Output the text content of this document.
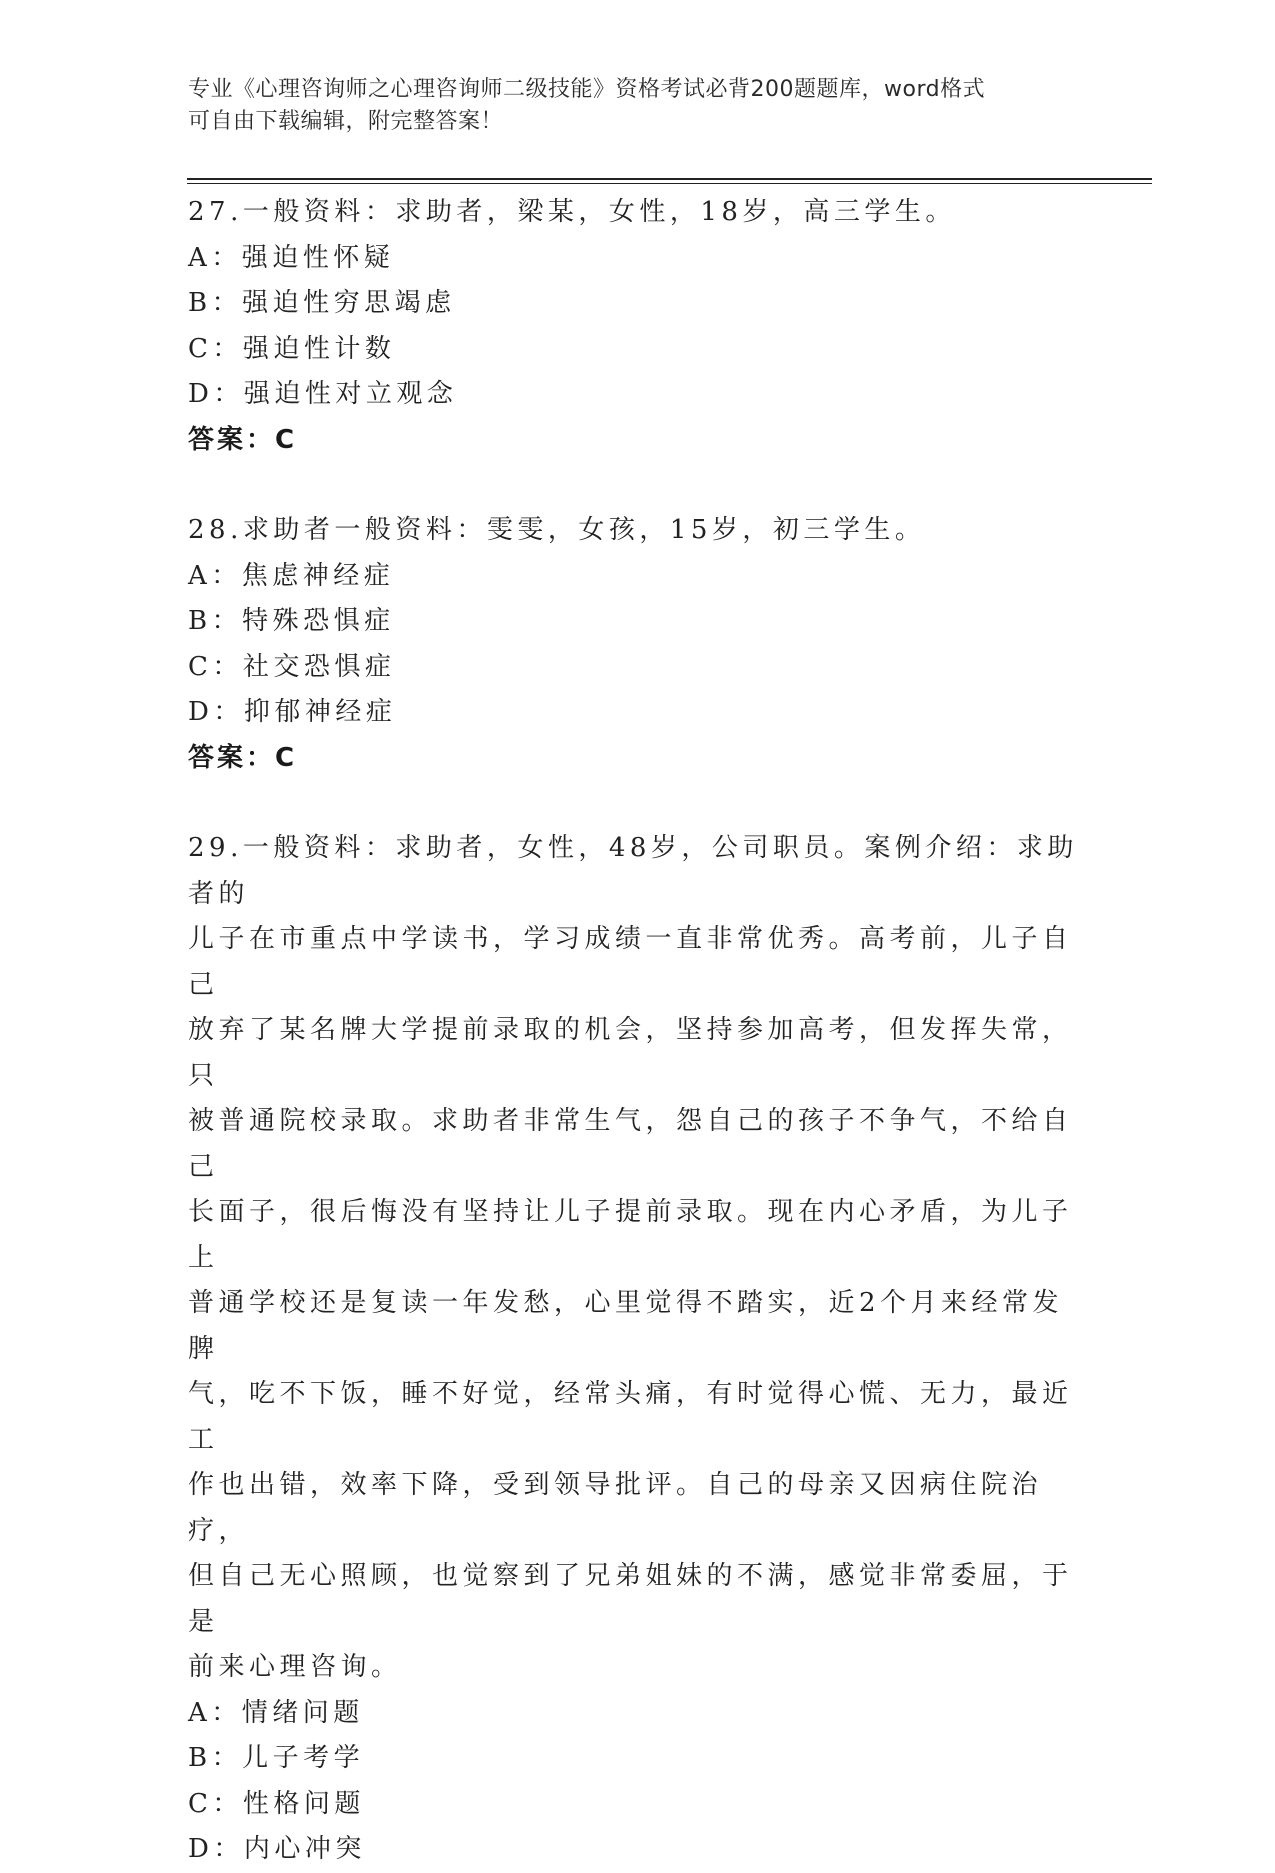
专业《心理咨询师之心理咨询师二级技能》资格考试必背200题题库，word格式
可自由下载编辑，附完整答案！

27.一般资料：求助者，梁某，女性，18岁，高三学生。

A：强迫性怀疑

B：强迫性穷思竭虑

C：强迫性计数

D：强迫性对立观念

答案：C

28.求助者一般资料：雯雯，女孩，15岁，初三学生。

A：焦虑神经症

B：特殊恐惧症

C：社交恐惧症

D：抑郁神经症

答案：C

29.一般资料：求助者，女性，48岁，公司职员。案例介绍：求助者的

儿子在市重点中学读书，学习成绩一直非常优秀。高考前，儿子自己

放弃了某名牌大学提前录取的机会，坚持参加高考，但发挥失常，只

被普通院校录取。求助者非常生气，怨自己的孩子不争气，不给自己

长面子，很后悔没有坚持让儿子提前录取。现在内心矛盾，为儿子上

普通学校还是复读一年发愁，心里觉得不踏实，近2个月来经常发脾

气，吃不下饭，睡不好觉，经常头痛，有时觉得心慌、无力，最近工

作也出错，效率下降，受到领导批评。自己的母亲又因病住院治疗，

但自己无心照顾，也觉察到了兄弟姐妹的不满，感觉非常委屈，于是

前来心理咨询。

A：情绪问题

B：儿子考学

C：性格问题

D：内心冲突
